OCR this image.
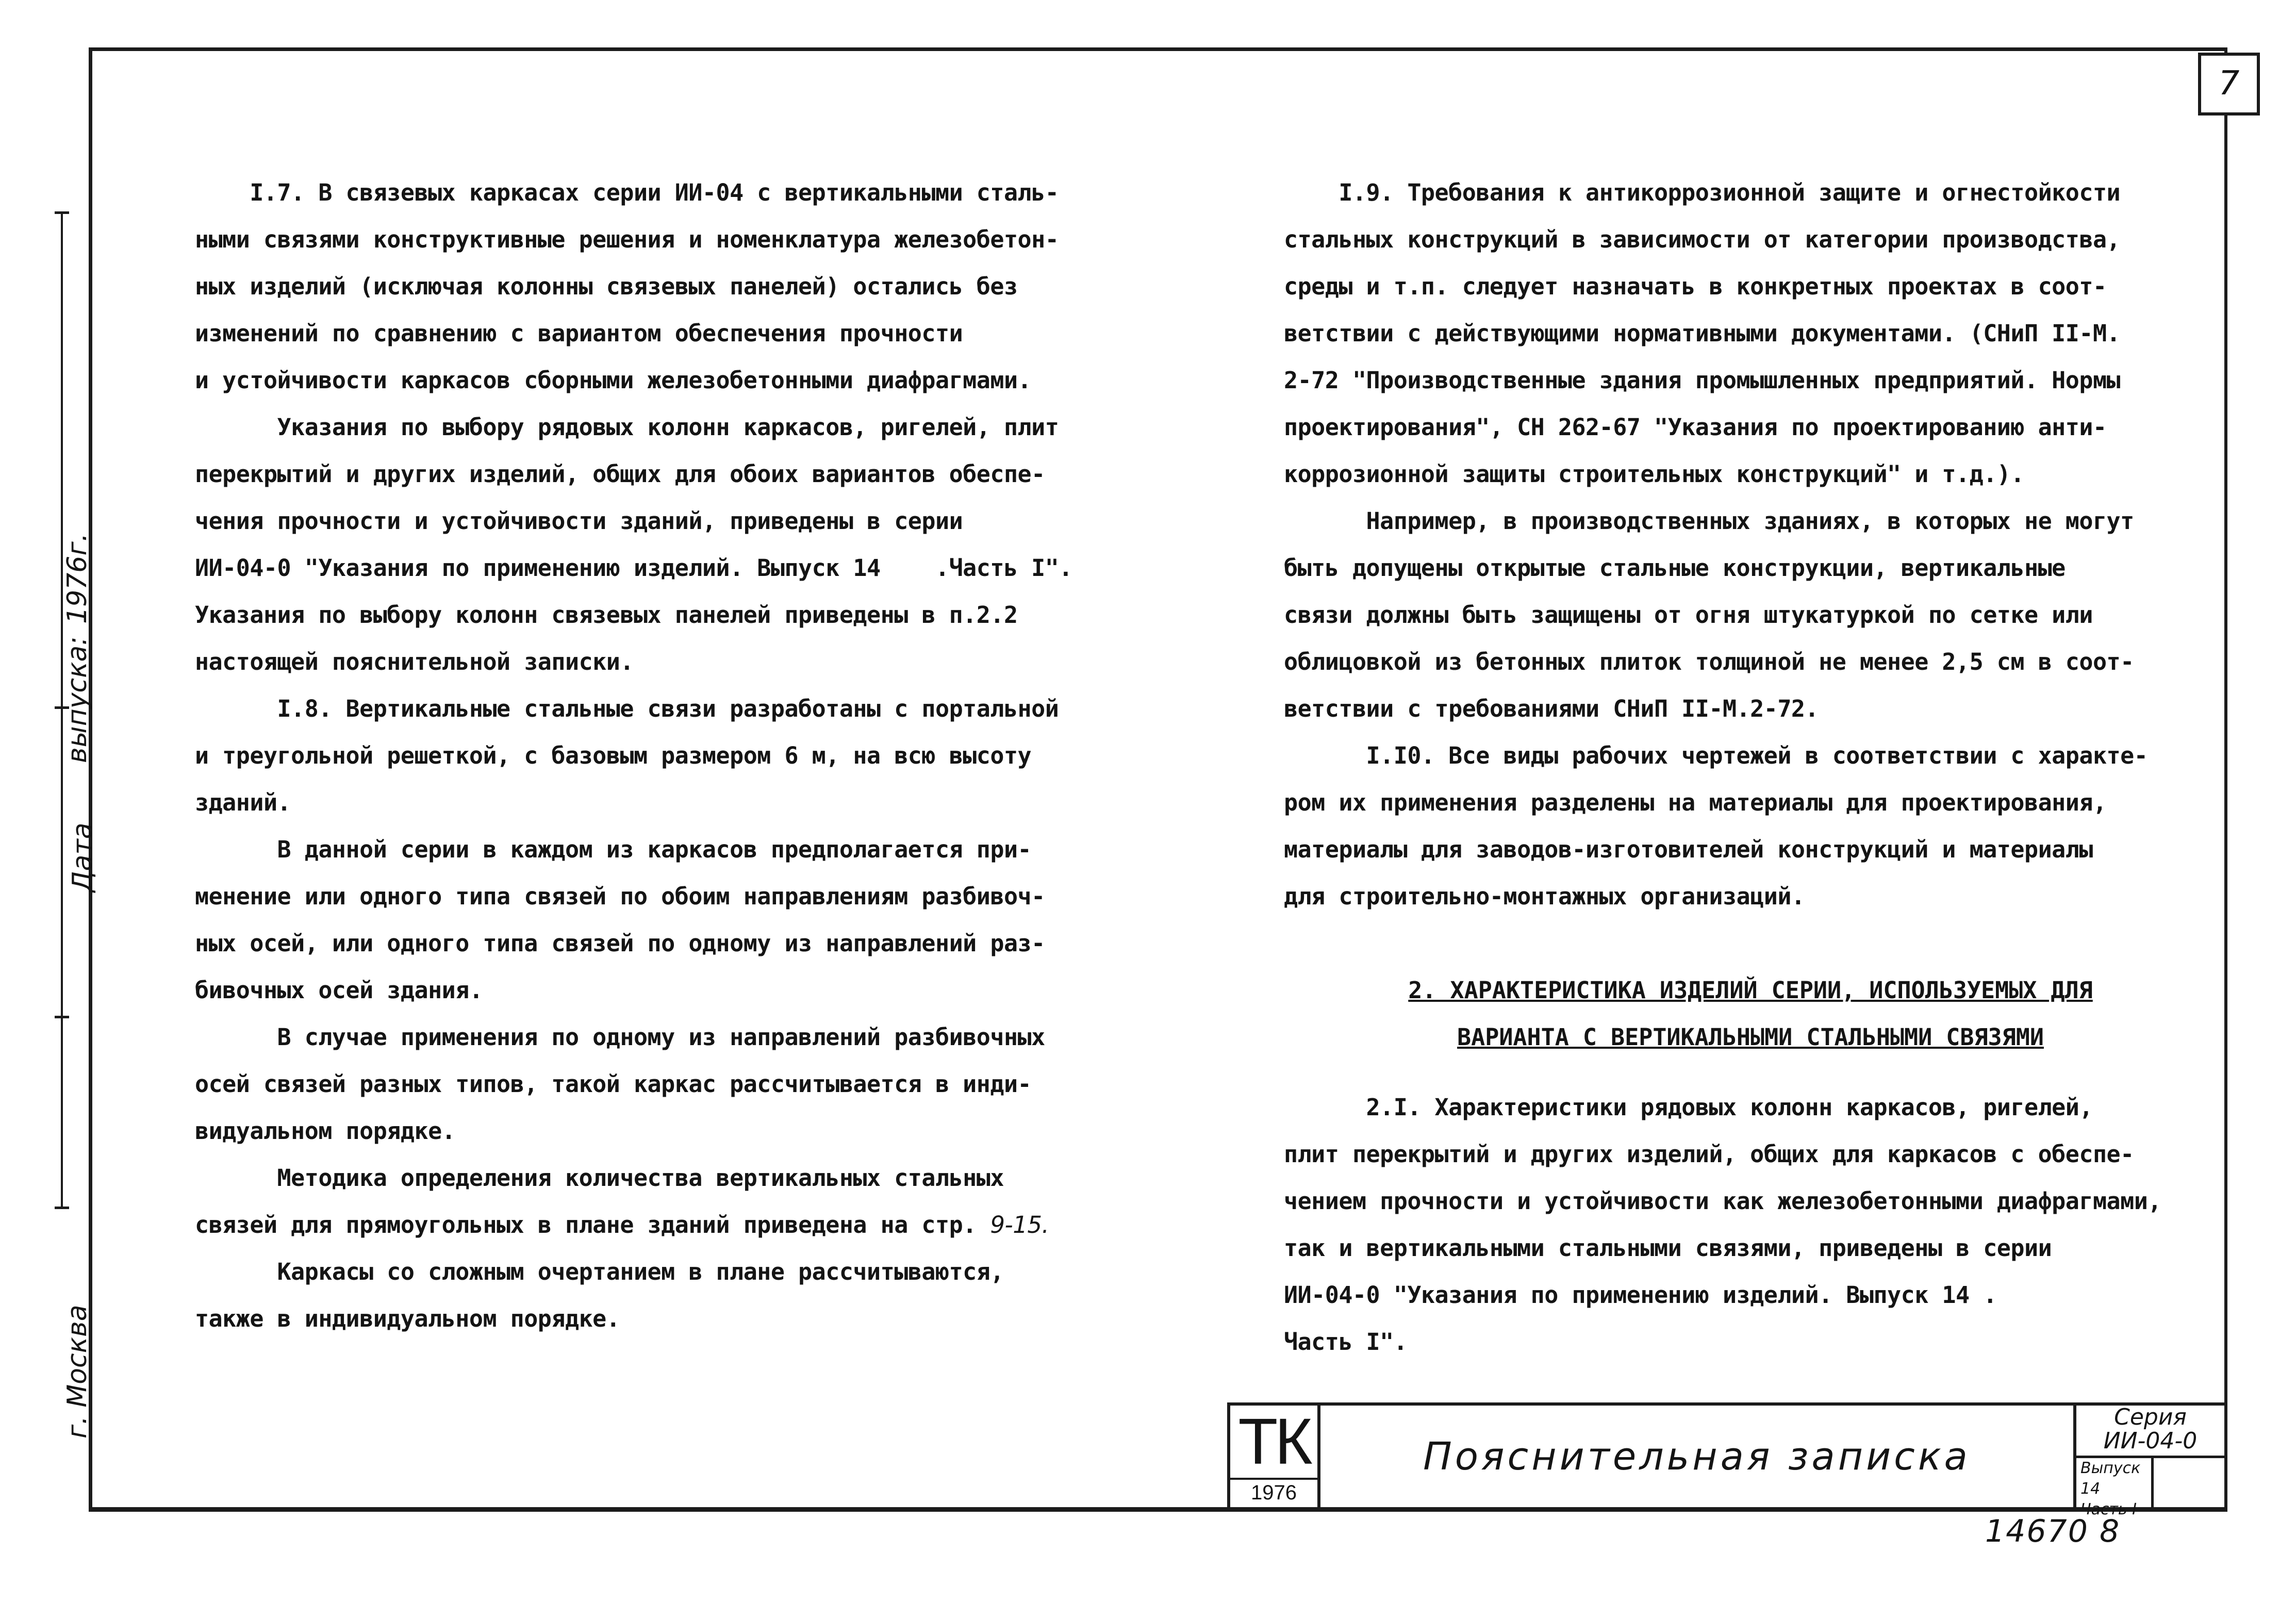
7
Дата
выпуска:
1976г.
г. Москва

I.7. В связевых каркасах серии ИИ-04 с вертикальными сталь-

ными связями конструктивные решения и номенклатура железобетон-

ных изделий (исключая колонны связевых панелей) остались без

изменений по сравнению с вариантом обеспечения прочности

и устойчивости каркасов сборными железобетонными диафрагмами.

Указания по выбору рядовых колонн каркасов, ригелей, плит

перекрытий и других изделий, общих для обоих вариантов обеспе-

чения прочности и устойчивости зданий, приведены в серии

ИИ-04-0 "Указания по применению изделий. Выпуск 14    .Часть I".

Указания по выбору колонн связевых панелей приведены в п.2.2

настоящей пояснительной записки.

I.8. Вертикальные стальные связи разработаны с портальной

и треугольной решеткой, с базовым размером 6 м, на всю высоту

зданий.

В данной серии в каждом из каркасов предполагается при-

менение или одного типа связей по обоим направлениям разбивоч-

ных осей, или одного типа связей по одному из направлений раз-

бивочных осей здания.

В случае применения по одному из направлений разбивочных

осей связей разных типов, такой каркас рассчитывается в инди-

видуальном порядке.

Методика определения количества вертикальных стальных

связей для прямоугольных в плане зданий приведена на стр. 9-15.

Каркасы со сложным очертанием в плане рассчитываются,

также в индивидуальном порядке.

I.9. Требования к антикоррозионной защите и огнестойкости

стальных конструкций в зависимости от категории производства,

среды и т.п. следует назначать в конкретных проектах в соот-

ветствии с действующими нормативными документами. (СНиП II-М.

2-72 "Производственные здания промышленных предприятий. Нормы

проектирования", СН 262-67 "Указания по проектированию анти-

коррозионной защиты строительных конструкций" и т.д.).

Например, в производственных зданиях, в которых не могут

быть допущены открытые стальные конструкции, вертикальные

связи должны быть защищены от огня штукатуркой по сетке или

облицовкой из бетонных плиток толщиной не менее 2,5 см в соот-

ветствии с требованиями СНиП II-М.2-72.

I.I0. Все виды рабочих чертежей в соответствии с характе-

ром их применения разделены на материалы для проектирования,

материалы для заводов-изготовителей конструкций и материалы

для строительно-монтажных организаций.

2. ХАРАКТЕРИСТИКА ИЗДЕЛИЙ СЕРИИ, ИСПОЛЬЗУЕМЫХ ДЛЯ

ВАРИАНТА С ВЕРТИКАЛЬНЫМИ СТАЛЬНЫМИ СВЯЗЯМИ

2.I. Характеристики рядовых колонн каркасов, ригелей,

плит перекрытий и других изделий, общих для каркасов с обеспе-

чением прочности и устойчивости как железобетонными диафрагмами,

так и вертикальными стальными связями, приведены в серии

ИИ-04-0 "Указания по применению изделий. Выпуск 14 .

Часть I".

ТК
1976
Пояснительная записка
Серия
ИИ-04-0
Выпуск 14
Часть I
14670 8
